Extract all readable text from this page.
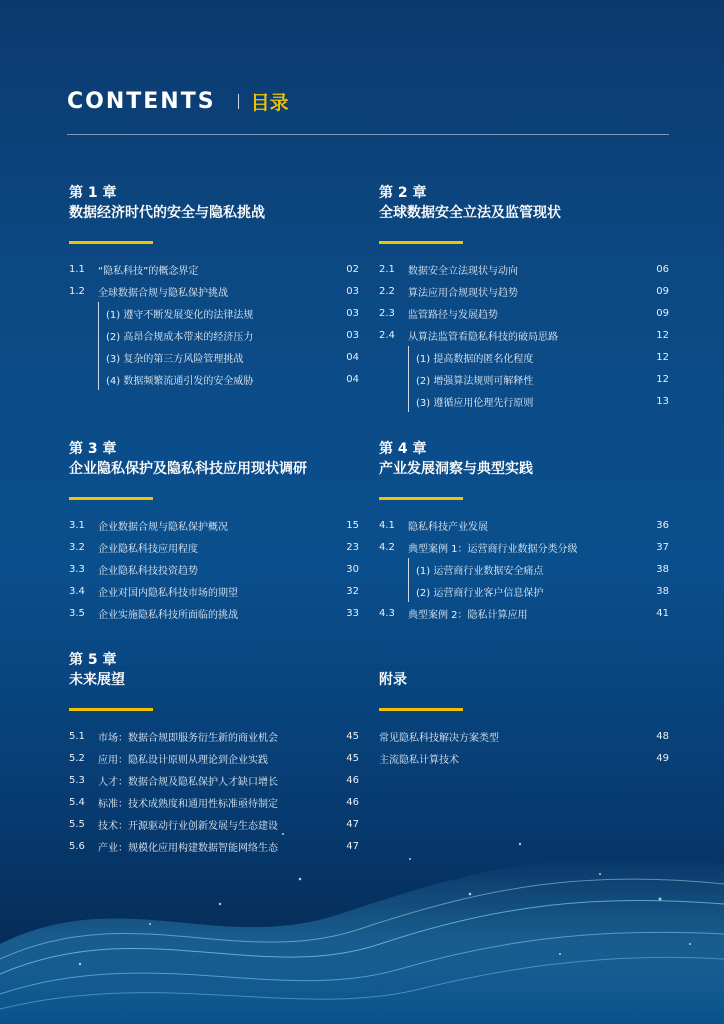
CONTENTS 目录
第 1 章
数据经济时代的安全与隐私挑战
1.1	“隐私科技”的概念界定	02
1.2	全球数据合规与隐私保护挑战	03
(1) 遵守不断发展变化的法律法规	03
(2) 高昂合规成本带来的经济压力	03
(3) 复杂的第三方风险管理挑战	04
(4) 数据频繁流通引发的安全威胁	04
第 2 章
全球数据安全立法及监管现状
2.1	数据安全立法现状与动向	06
2.2	算法应用合规现状与趋势	09
2.3	监管路径与发展趋势	09
2.4	从算法监管看隐私科技的破局思路	12
(1) 提高数据的匿名化程度	12
(2) 增强算法规则可解释性	12
(3) 遵循应用伦理先行原则	13
第 3 章
企业隐私保护及隐私科技应用现状调研
3.1	企业数据合规与隐私保护概况	15
3.2	企业隐私科技应用程度	23
3.3	企业隐私科技投资趋势	30
3.4	企业对国内隐私科技市场的期望	32
3.5	企业实施隐私科技所面临的挑战	33
第 4 章
产业发展洞察与典型实践
4.1	隐私科技产业发展	36
4.2	典型案例 1：运营商行业数据分类分级	37
(1) 运营商行业数据安全痛点	38
(2) 运营商行业客户信息保护	38
4.3	典型案例 2：隐私计算应用	41
第 5 章
未来展望
5.1	市场：数据合规即服务衍生新的商业机会	45
5.2	应用：隐私设计原则从理论到企业实践	45
5.3	人才：数据合规及隐私保护人才缺口增长	46
5.4	标准：技术成熟度和通用性标准亟待制定	46
5.5	技术：开源驱动行业创新发展与生态建设	47
5.6	产业：规模化应用构建数据智能网络生态	47
附录
常见隐私科技解决方案类型	48
主流隐私计算技术	49
